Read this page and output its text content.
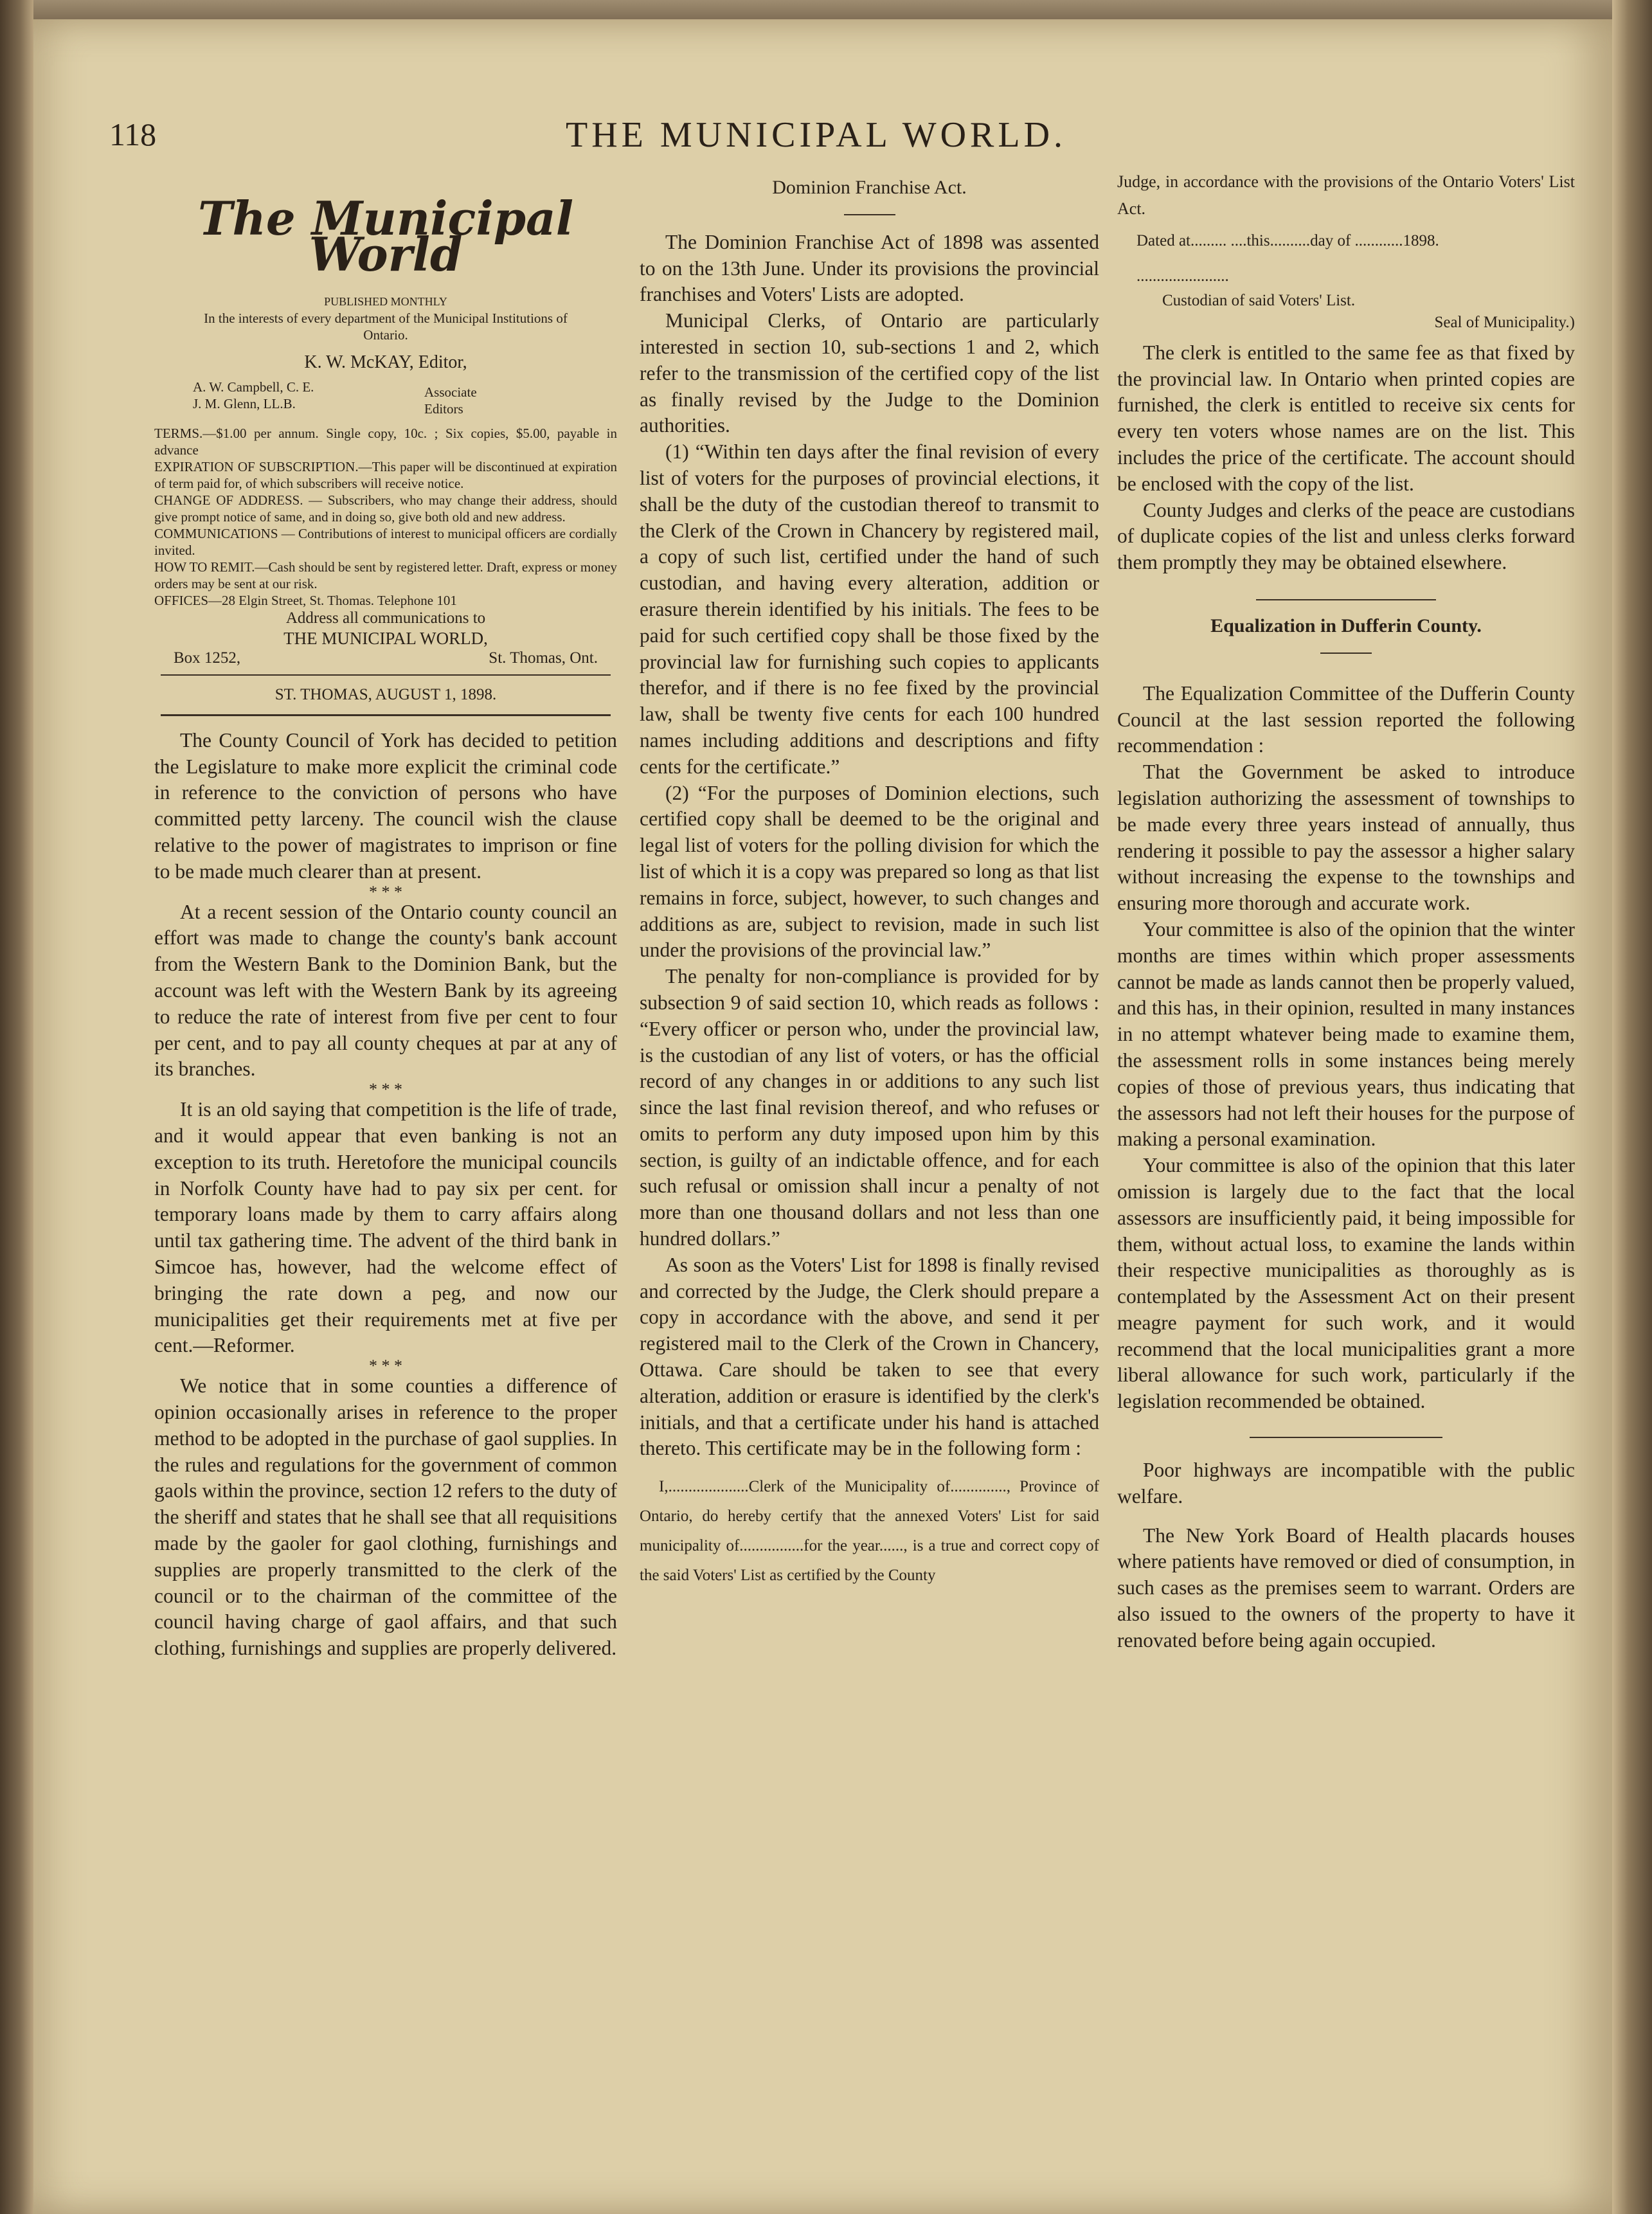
118	THE MUNICIPAL WORLD.
The Municipal World
PUBLISHED MONTHLY
In the interests of every department of the Municipal Institutions of Ontario.
K. W. McKAY, Editor,
A. W. Campbell, C. E.
J. M. Glenn, LL.B.
Associate Editors
TERMS.—$1.00 per annum. Single copy, 10c. ; Six copies, $5.00, payable in advance
EXPIRATION OF SUBSCRIPTION.—This paper will be discontinued at expiration of term paid for, of which subscribers will receive notice.
CHANGE OF ADDRESS. — Subscribers, who may change their address, should give prompt notice of same, and in doing so, give both old and new address.
COMMUNICATIONS — Contributions of interest to municipal officers are cordially invited.
HOW TO REMIT.—Cash should be sent by registered letter. Draft, express or money orders may be sent at our risk.
OFFICES—28 Elgin Street, St. Thomas. Telephone 101
Address all communications to
THE MUNICIPAL WORLD,
Box 1252,	St. Thomas, Ont.
ST. THOMAS, AUGUST 1, 1898.

The County Council of York has decided to petition the Legislature to make more explicit the criminal code in reference to the conviction of persons who have committed petty larceny. The council wish the clause relative to the power of magistrates to imprison or fine to be made much clearer than at present.

* * *

At a recent session of the Ontario county council an effort was made to change the county's bank account from the Western Bank to the Dominion Bank, but the account was left with the Western Bank by its agreeing to reduce the rate of interest from five per cent to four per cent, and to pay all county cheques at par at any of its branches.

* * *

It is an old saying that competition is the life of trade, and it would appear that even banking is not an exception to its truth. Heretofore the municipal councils in Norfolk County have had to pay six per cent. for temporary loans made by them to carry affairs along until tax gathering time. The advent of the third bank in Simcoe has, however, had the welcome effect of bringing the rate down a peg, and now our municipalities get their requirements met at five per cent.—Reformer.

* * *

We notice that in some counties a difference of opinion occasionally arises in reference to the proper method to be adopted in the purchase of gaol supplies. In the rules and regulations for the government of common gaols within the province, section 12 refers to the duty of the sheriff and states that he shall see that all requisitions made by the gaoler for gaol clothing, furnishings and supplies are properly transmitted to the clerk of the council or to the chairman of the committee of the council having charge of gaol affairs, and that such clothing, furnishings and supplies are properly delivered.

Dominion Franchise Act.

The Dominion Franchise Act of 1898 was assented to on the 13th June. Under its provisions the provincial franchises and Voters' Lists are adopted.

Municipal Clerks, of Ontario are particularly interested in section 10, sub-sections 1 and 2, which refer to the transmission of the certified copy of the list as finally revised by the Judge to the Dominion authorities.

(1) “Within ten days after the final revision of every list of voters for the purposes of provincial elections, it shall be the duty of the custodian thereof to transmit to the Clerk of the Crown in Chancery by registered mail, a copy of such list, certified under the hand of such custodian, and having every alteration, addition or erasure therein identified by his initials. The fees to be paid for such certified copy shall be those fixed by the provincial law for furnishing such copies to applicants therefor, and if there is no fee fixed by the provincial law, shall be twenty five cents for each 100 hundred names including additions and descriptions and fifty cents for the certificate.”

(2) “For the purposes of Dominion elections, such certified copy shall be deemed to be the original and legal list of voters for the polling division for which the list of which it is a copy was prepared so long as that list remains in force, subject, however, to such changes and additions as are, subject to revision, made in such list under the provisions of the provincial law.”

The penalty for non-compliance is provided for by subsection 9 of said section 10, which reads as follows : “Every officer or person who, under the provincial law, is the custodian of any list of voters, or has the official record of any changes in or additions to any such list since the last final revision thereof, and who refuses or omits to perform any duty imposed upon him by this section, is guilty of an indictable offence, and for each such refusal or omission shall incur a penalty of not more than one thousand dollars and not less than one hundred dollars.”

As soon as the Voters' List for 1898 is finally revised and corrected by the Judge, the Clerk should prepare a copy in accordance with the above, and send it per registered mail to the Clerk of the Crown in Chancery, Ottawa. Care should be taken to see that every alteration, addition or erasure is identified by the clerk's initials, and that a certificate under his hand is attached thereto. This certificate may be in the following form :

I,....................Clerk of the Municipality of.............., Province of Ontario, do hereby certify that the annexed Voters' List for said municipality of................for the year......, is a true and correct copy of the said Voters' List as certified by the County
Judge, in accordance with the provisions of the Ontario Voters' List Act.
Dated at......... ....this..........day of ............1898.
.......................
Custodian of said Voters' List.
Seal of Municipality.)

The clerk is entitled to the same fee as that fixed by the provincial law. In Ontario when printed copies are furnished, the clerk is entitled to receive six cents for every ten voters whose names are on the list. This includes the price of the certificate. The account should be enclosed with the copy of the list.

County Judges and clerks of the peace are custodians of duplicate copies of the list and unless clerks forward them promptly they may be obtained elsewhere.

Equalization in Dufferin County.

The Equalization Committee of the Dufferin County Council at the last session reported the following recommendation :

That the Government be asked to introduce legislation authorizing the assessment of townships to be made every three years instead of annually, thus rendering it possible to pay the assessor a higher salary without increasing the expense to the townships and ensuring more thorough and accurate work.

Your committee is also of the opinion that the winter months are times within which proper assessments cannot be made as lands cannot then be properly valued, and this has, in their opinion, resulted in many instances in no attempt whatever being made to examine them, the assessment rolls in some instances being merely copies of those of previous years, thus indicating that the assessors had not left their houses for the purpose of making a personal examination.

Your committee is also of the opinion that this later omission is largely due to the fact that the local assessors are insufficiently paid, it being impossible for them, without actual loss, to examine the lands within their respective municipalities as thoroughly as is contemplated by the Assessment Act on their present meagre payment for such work, and it would recommend that the local municipalities grant a more liberal allowance for such work, particularly if the legislation recommended be obtained.

Poor highways are incompatible with the public welfare.

The New York Board of Health placards houses where patients have removed or died of consumption, in such cases as the premises seem to warrant. Orders are also issued to the owners of the property to have it renovated before being again occupied.
